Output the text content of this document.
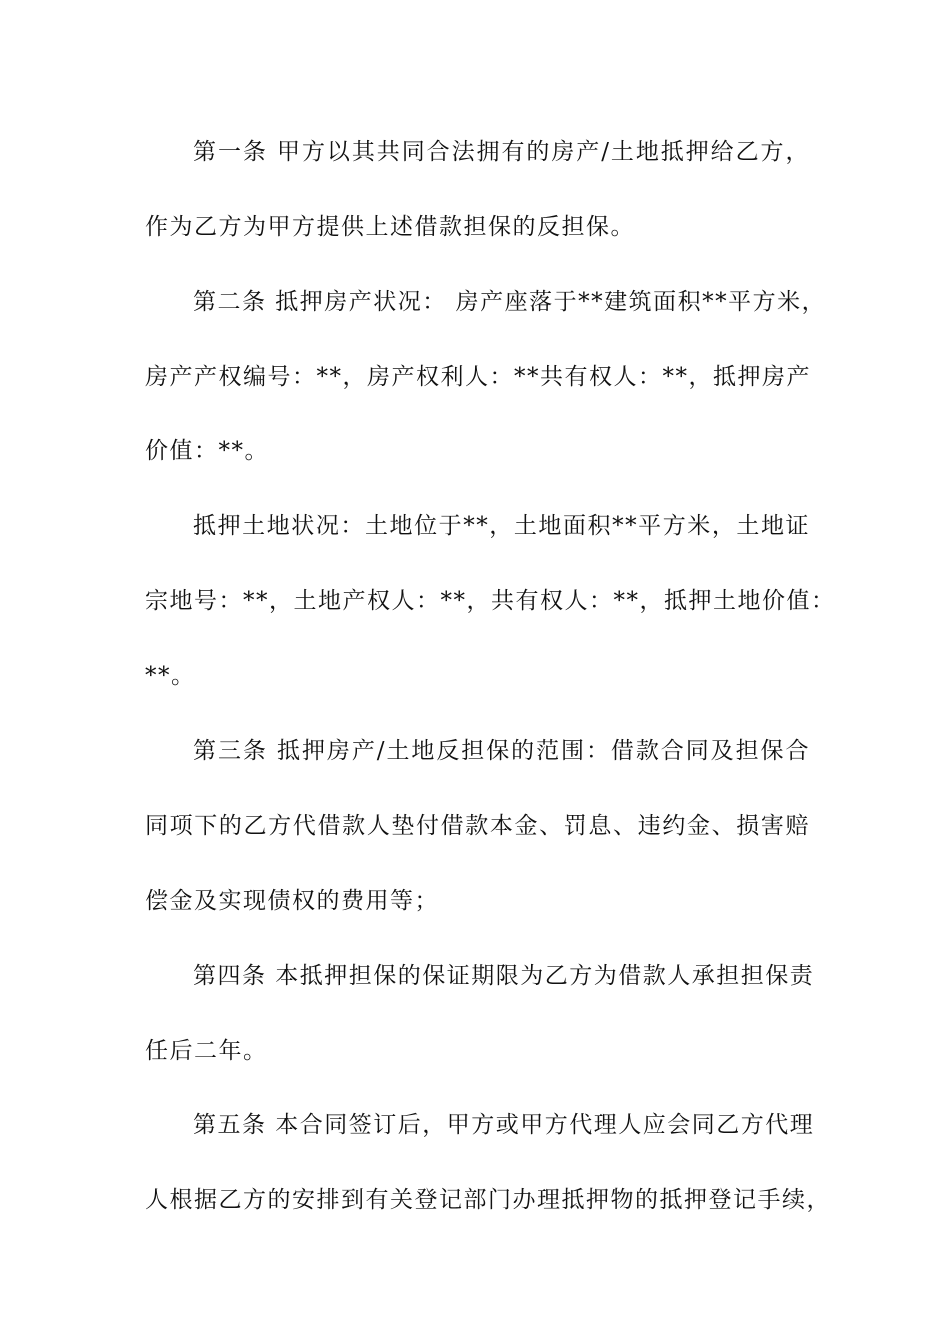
第一条 甲方以其共同合法拥有的房产/土地抵押给乙方，
作为乙方为甲方提供上述借款担保的反担保。
第二条 抵押房产状况： 房产座落于**建筑面积**平方米，
房产产权编号：**，房产权利人：**共有权人：**，抵押房产
价值：**。
抵押土地状况：土地位于**，土地面积**平方米，土地证
宗地号：**，土地产权人：**，共有权人：**，抵押土地价值：
**。
第三条 抵押房产/土地反担保的范围：借款合同及担保合
同项下的乙方代借款人垫付借款本金、罚息、违约金、损害赔
偿金及实现债权的费用等；
第四条 本抵押担保的保证期限为乙方为借款人承担担保责
任后二年。
第五条 本合同签订后，甲方或甲方代理人应会同乙方代理
人根据乙方的安排到有关登记部门办理抵押物的抵押登记手续，
